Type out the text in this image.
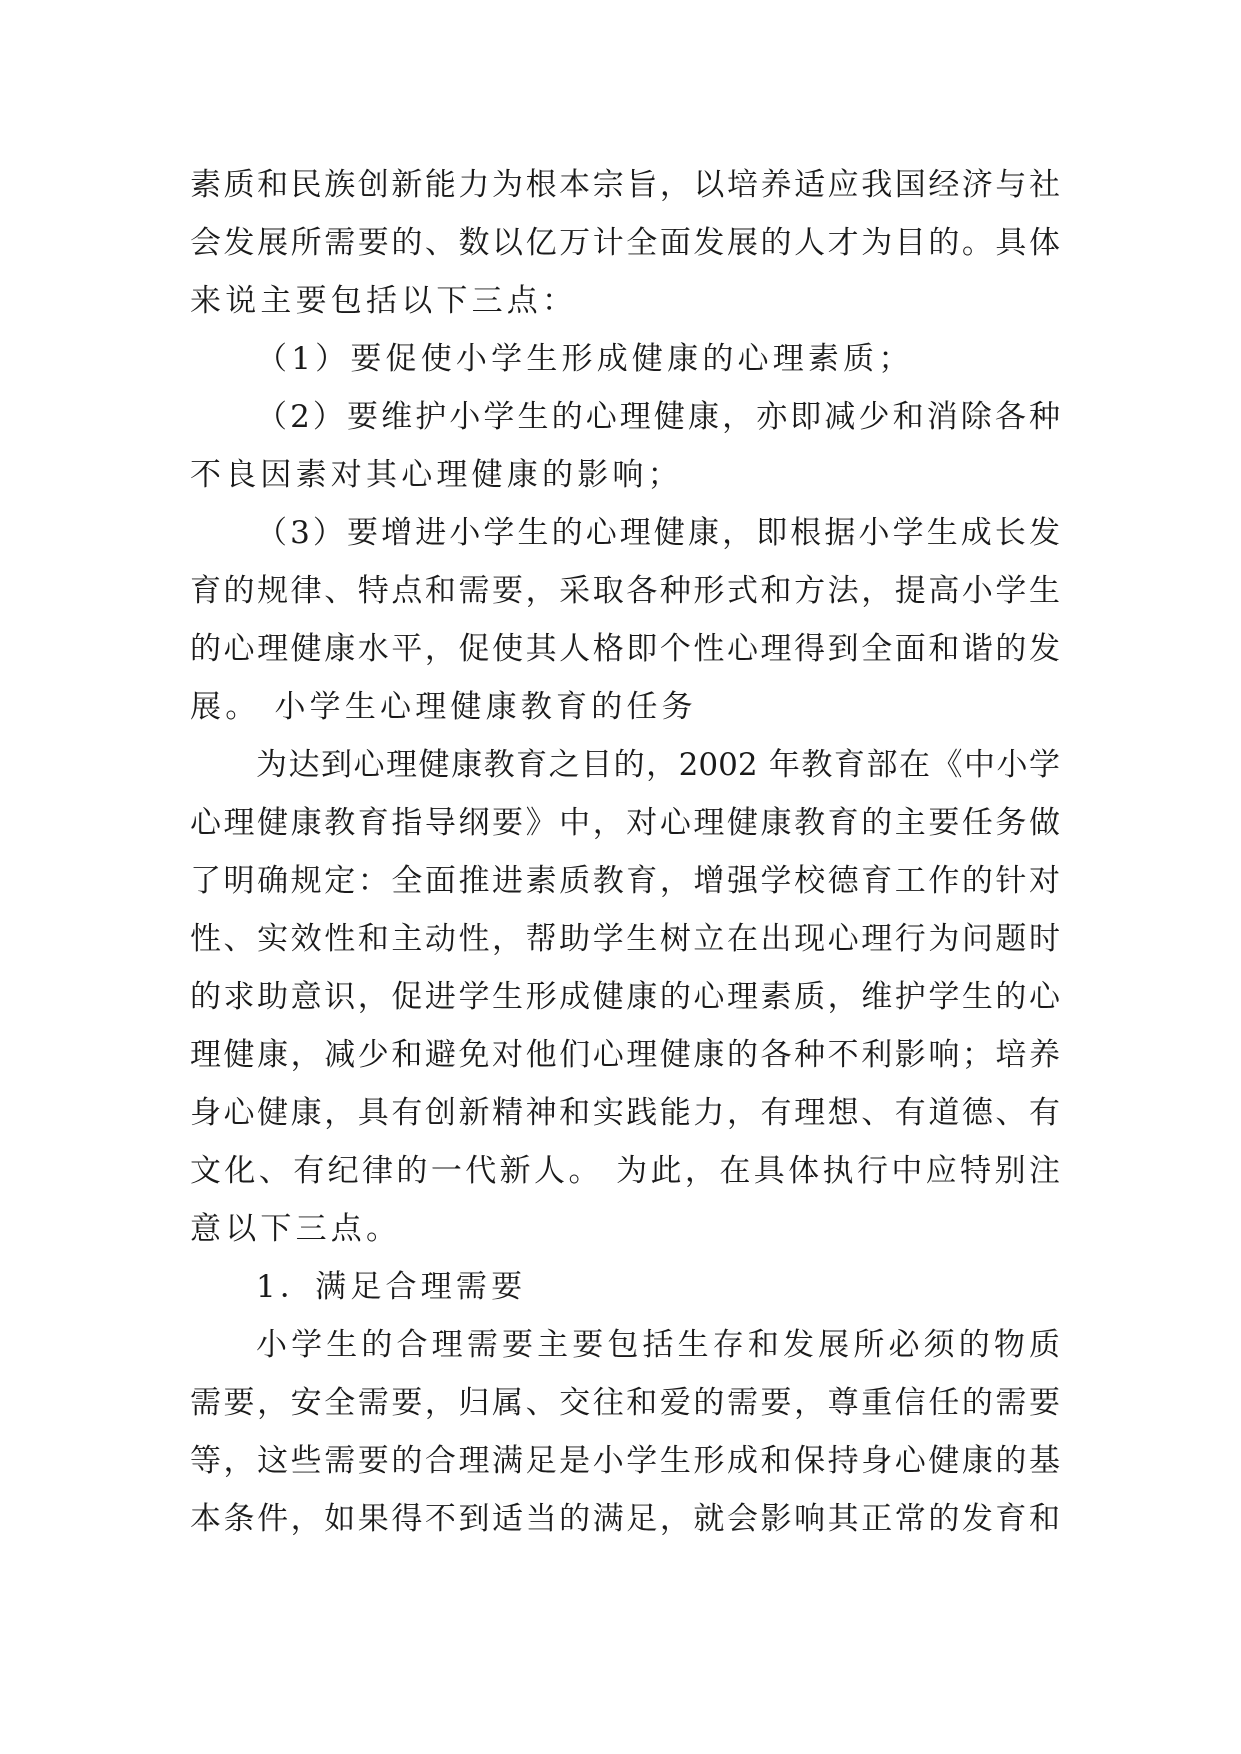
素质和民族创新能力为根本宗旨，以培养适应我国经济与社
会发展所需要的、数以亿万计全面发展的人才为目的。具体
来说主要包括以下三点：
（1）要促使小学生形成健康的心理素质；
（2）要维护小学生的心理健康，亦即减少和消除各种
不良因素对其心理健康的影响；
（3）要增进小学生的心理健康，即根据小学生成长发
育的规律、特点和需要，采取各种形式和方法，提高小学生
的心理健康水平，促使其人格即个性心理得到全面和谐的发
展。 小学生心理健康教育的任务
为达到心理健康教育之目的，2002 年教育部在《中小学
心理健康教育指导纲要》中，对心理健康教育的主要任务做
了明确规定：全面推进素质教育，增强学校德育工作的针对
性、实效性和主动性，帮助学生树立在出现心理行为问题时
的求助意识，促进学生形成健康的心理素质，维护学生的心
理健康，减少和避免对他们心理健康的各种不利影响；培养
身心健康，具有创新精神和实践能力，有理想、有道德、有
文化、有纪律的一代新人。 为此，在具体执行中应特别注
意以下三点。
1．满足合理需要
小学生的合理需要主要包括生存和发展所必须的物质
需要，安全需要，归属、交往和爱的需要，尊重信任的需要
等，这些需要的合理满足是小学生形成和保持身心健康的基
本条件，如果得不到适当的满足，就会影响其正常的发育和
